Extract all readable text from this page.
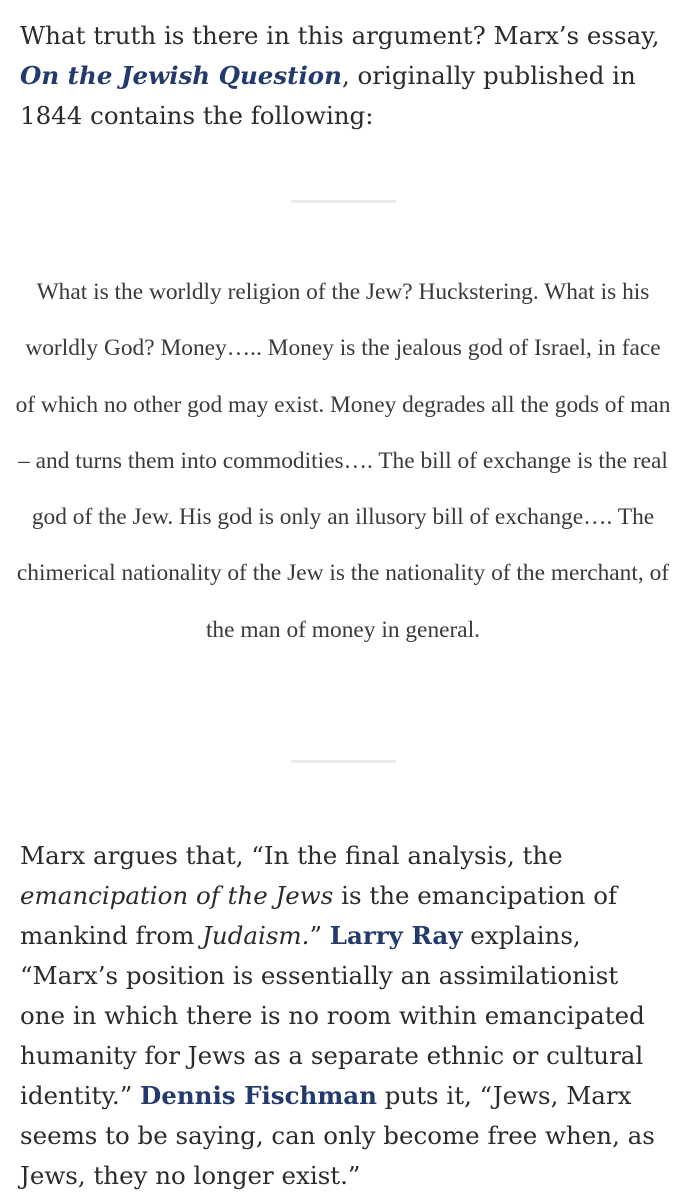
What truth is there in this argument? Marx’s essay, On the Jewish Question, originally published in 1844 contains the following:

What is the worldly religion of the Jew? Huckstering. What is his worldly God? Money….. Money is the jealous god of Israel, in face of which no other god may exist. Money degrades all the gods of man – and turns them into commodities…. The bill of exchange is the real god of the Jew. His god is only an illusory bill of exchange…. The chimerical nationality of the Jew is the nationality of the merchant, of the man of money in general.

Marx argues that, “In the final analysis, the emancipation of the Jews is the emancipation of mankind from Judaism.” Larry Ray explains, “Marx’s position is essentially an assimilationist one in which there is no room within emancipated humanity for Jews as a separate ethnic or cultural identity.” Dennis Fischman puts it, “Jews, Marx seems to be saying, can only become free when, as Jews, they no longer exist.”
